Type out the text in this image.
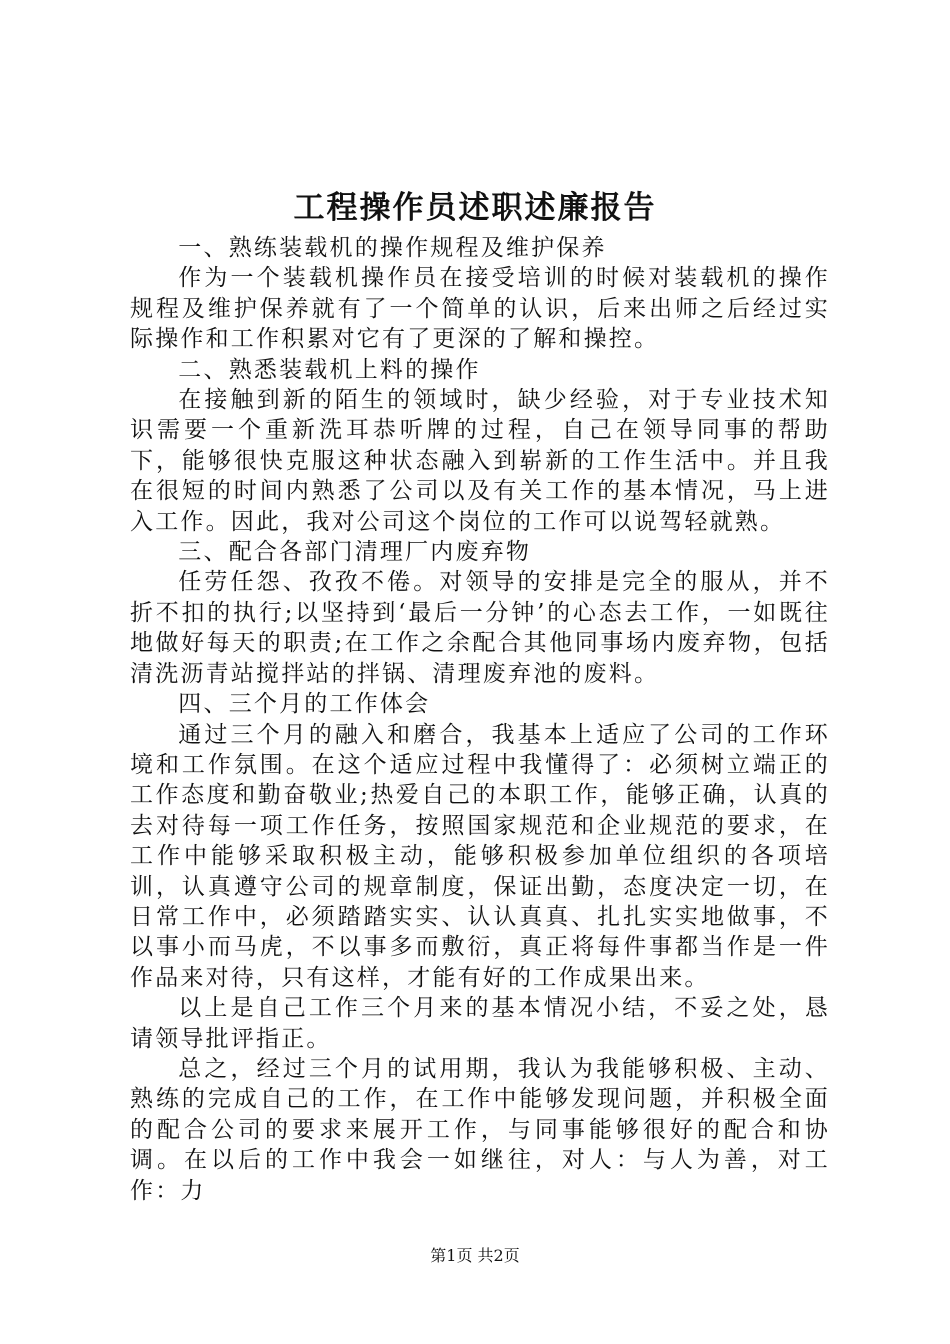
工程操作员述职述廉报告

一、熟练装载机的操作规程及维护保养

作为一个装载机操作员在接受培训的时候对装载机的操作规程及维护保养就有了一个简单的认识，后来出师之后经过实际操作和工作积累对它有了更深的了解和操控。

二、熟悉装载机上料的操作

在接触到新的陌生的领域时，缺少经验，对于专业技术知识需要一个重新洗耳恭听牌的过程，自己在领导同事的帮助下，能够很快克服这种状态融入到崭新的工作生活中。并且我在很短的时间内熟悉了公司以及有关工作的基本情况，马上进入工作。因此，我对公司这个岗位的工作可以说驾轻就熟。

三、配合各部门清理厂内废弃物

任劳任怨、孜孜不倦。对领导的安排是完全的服从，并不折不扣的执行;以坚持到‘最后一分钟’的心态去工作，一如既往地做好每天的职责;在工作之余配合其他同事场内废弃物，包括清洗沥青站搅拌站的拌锅、清理废弃池的废料。

四、三个月的工作体会

通过三个月的融入和磨合，我基本上适应了公司的工作环境和工作氛围。在这个适应过程中我懂得了：必须树立端正的工作态度和勤奋敬业;热爱自己的本职工作，能够正确，认真的去对待每一项工作任务，按照国家规范和企业规范的要求，在工作中能够采取积极主动，能够积极参加单位组织的各项培训，认真遵守公司的规章制度，保证出勤，态度决定一切，在日常工作中，必须踏踏实实、认认真真、扎扎实实地做事，不以事小而马虎，不以事多而敷衍，真正将每件事都当作是一件作品来对待，只有这样，才能有好的工作成果出来。

以上是自己工作三个月来的基本情况小结，不妥之处，恳请领导批评指正。

总之，经过三个月的试用期，我认为我能够积极、主动、熟练的完成自己的工作，在工作中能够发现问题，并积极全面的配合公司的要求来展开工作，与同事能够很好的配合和协调。在以后的工作中我会一如继往，对人：与人为善，对工作：力

第1页 共2页
